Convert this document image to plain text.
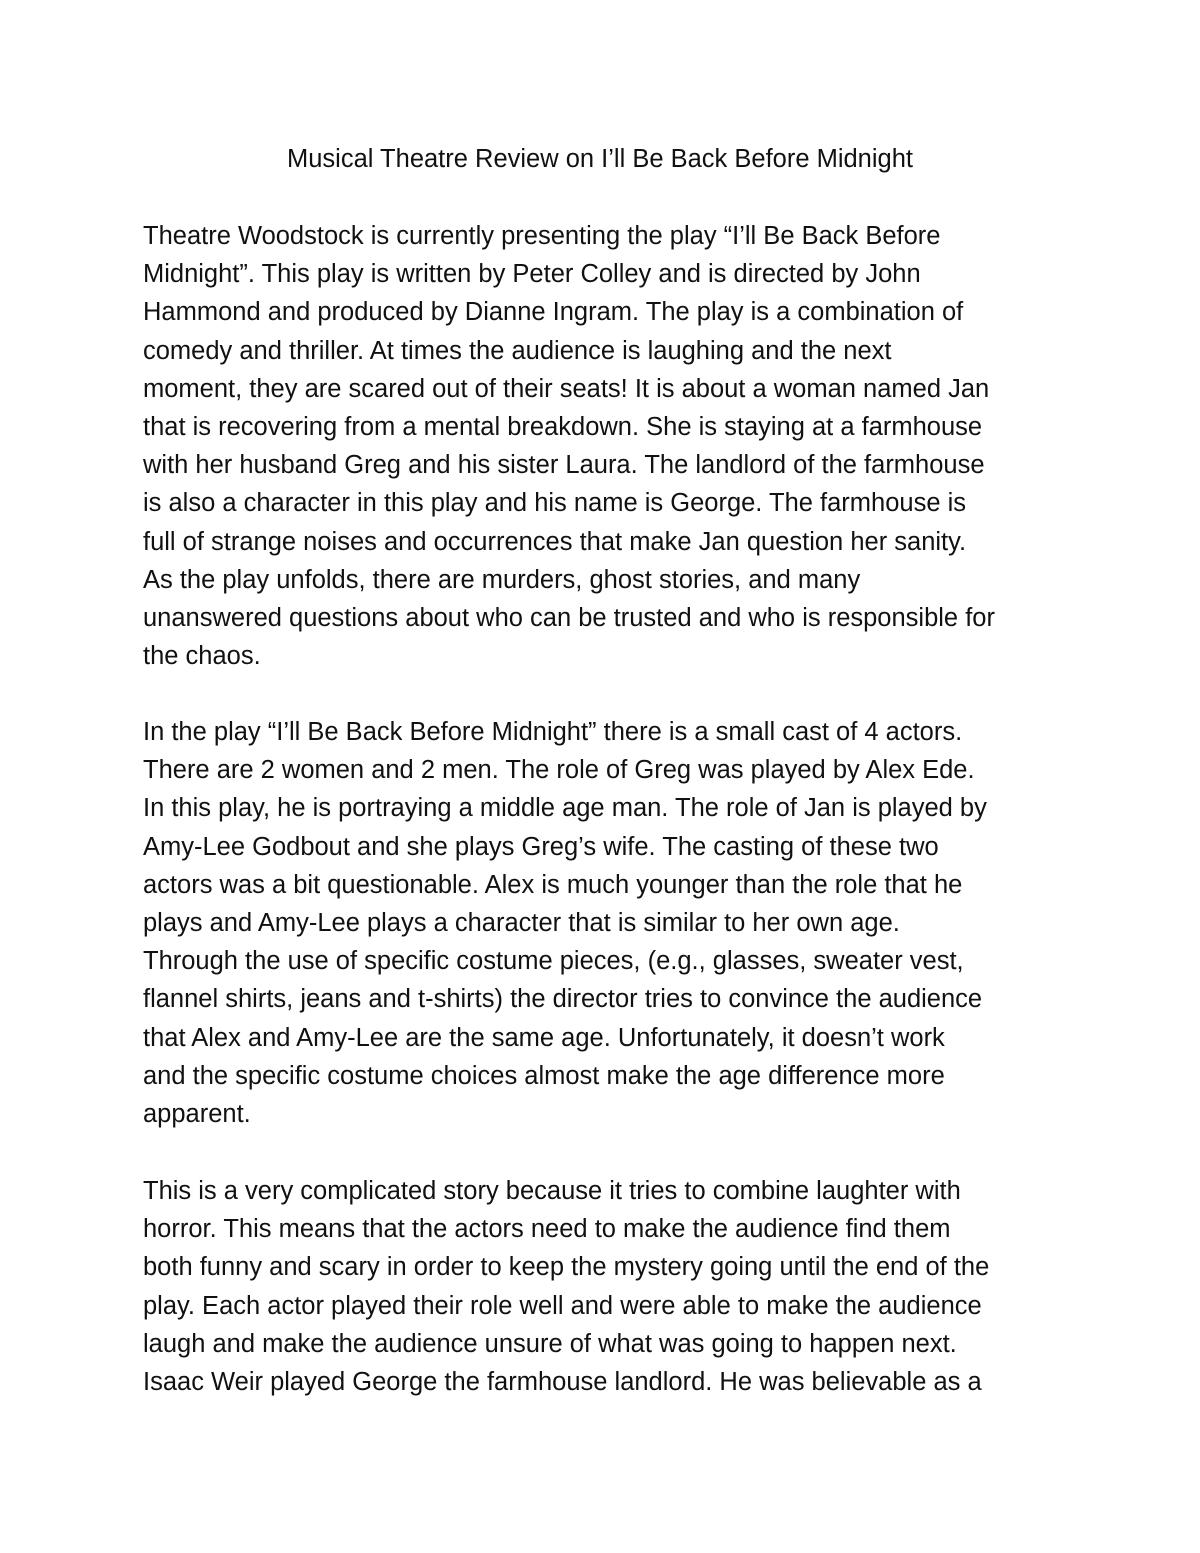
Musical Theatre Review on I’ll Be Back Before Midnight
Theatre Woodstock is currently presenting the play “I’ll Be Back Before
Midnight”. This play is written by Peter Colley and is directed by John
Hammond and produced by Dianne Ingram. The play is a combination of
comedy and thriller. At times the audience is laughing and the next
moment, they are scared out of their seats! It is about a woman named Jan
that is recovering from a mental breakdown. She is staying at a farmhouse
with her husband Greg and his sister Laura. The landlord of the farmhouse
is also a character in this play and his name is George. The farmhouse is
full of strange noises and occurrences that make Jan question her sanity.
As the play unfolds, there are murders, ghost stories, and many
unanswered questions about who can be trusted and who is responsible for
the chaos.
In the play “I’ll Be Back Before Midnight” there is a small cast of 4 actors.
There are 2 women and 2 men. The role of Greg was played by Alex Ede.
In this play, he is portraying a middle age man. The role of Jan is played by
Amy-Lee Godbout and she plays Greg’s wife. The casting of these two
actors was a bit questionable. Alex is much younger than the role that he
plays and Amy-Lee plays a character that is similar to her own age.
Through the use of specific costume pieces, (e.g., glasses, sweater vest,
flannel shirts, jeans and t-shirts) the director tries to convince the audience
that Alex and Amy-Lee are the same age. Unfortunately, it doesn’t work
and the specific costume choices almost make the age difference more
apparent.
This is a very complicated story because it tries to combine laughter with
horror. This means that the actors need to make the audience find them
both funny and scary in order to keep the mystery going until the end of the
play. Each actor played their role well and were able to make the audience
laugh and make the audience unsure of what was going to happen next.
Isaac Weir played George the farmhouse landlord. He was believable as a
